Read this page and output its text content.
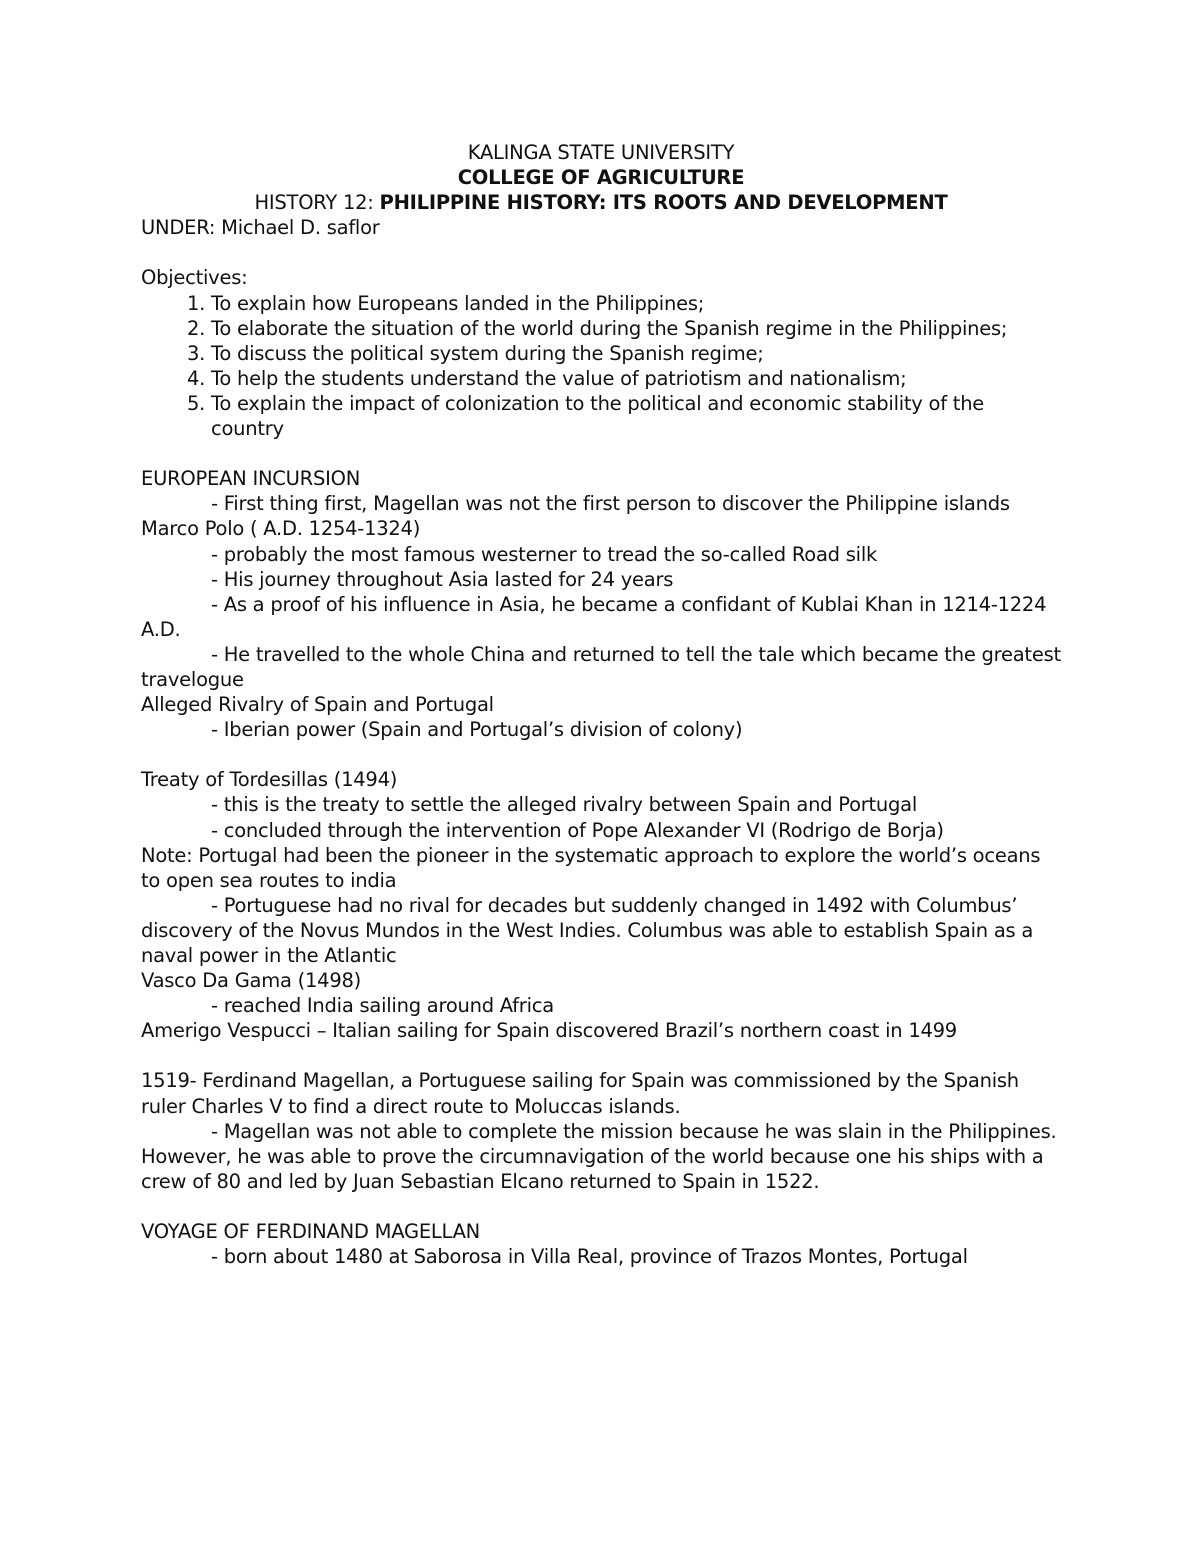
KALINGA STATE UNIVERSITY

COLLEGE OF AGRICULTURE

HISTORY 12: PHILIPPINE HISTORY: ITS ROOTS AND DEVELOPMENT

UNDER: Michael D. saflor

Objectives:

1. To explain how Europeans landed in the Philippines;
2. To elaborate the situation of the world during the Spanish regime in the Philippines;
3. To discuss the political system during the Spanish regime;
4. To help the students understand the value of patriotism and nationalism;
5. To explain the impact of colonization to the political and economic stability of the country

EUROPEAN INCURSION

- First thing first, Magellan was not the first person to discover the Philippine islands

Marco Polo ( A.D. 1254-1324)

- probably the most famous westerner to tread the so-called Road silk

- His journey throughout Asia lasted for 24 years

- As a proof of his influence in Asia, he became a confidant of Kublai Khan in 1214-1224 A.D.

- He travelled to the whole China and returned to tell the tale which became the greatest travelogue

Alleged Rivalry of Spain and Portugal

- Iberian power (Spain and Portugal’s division of colony)

Treaty of Tordesillas (1494)

- this is the treaty to settle the alleged rivalry between Spain and Portugal

- concluded through the intervention of Pope Alexander VI (Rodrigo de Borja)

Note: Portugal had been the pioneer in the systematic approach to explore the world’s oceans to open sea routes to india

- Portuguese had no rival for decades but suddenly changed in 1492 with Columbus’ discovery of the Novus Mundos in the West Indies. Columbus was able to establish Spain as a naval power in the Atlantic

Vasco Da Gama (1498)

- reached India sailing around Africa

Amerigo Vespucci – Italian sailing for Spain discovered Brazil’s northern coast in 1499

1519- Ferdinand Magellan, a Portuguese sailing for Spain was commissioned by the Spanish ruler Charles V to find a direct route to Moluccas islands.

- Magellan was not able to complete the mission because he was slain in the Philippines. However, he was able to prove the circumnavigation of the world because one his ships with a crew of 80 and led by Juan Sebastian Elcano returned to Spain in 1522.

VOYAGE OF FERDINAND MAGELLAN

- born about 1480 at Saborosa in Villa Real, province of Trazos Montes, Portugal
